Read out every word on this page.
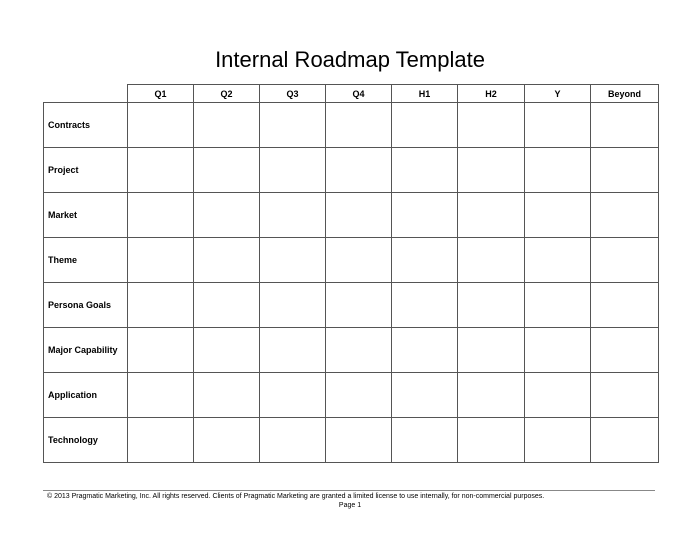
Internal Roadmap Template
	Q1	Q2	Q3	Q4	H1	H2	Y	Beyond
Contracts								
Project								
Market								
Theme								
Persona Goals								
Major Capability								
Application								
Technology								
© 2013 Pragmatic Marketing, Inc. All rights reserved. Clients of Pragmatic Marketing are granted a limited license to use internally, for non-commercial purposes.
Page 1
